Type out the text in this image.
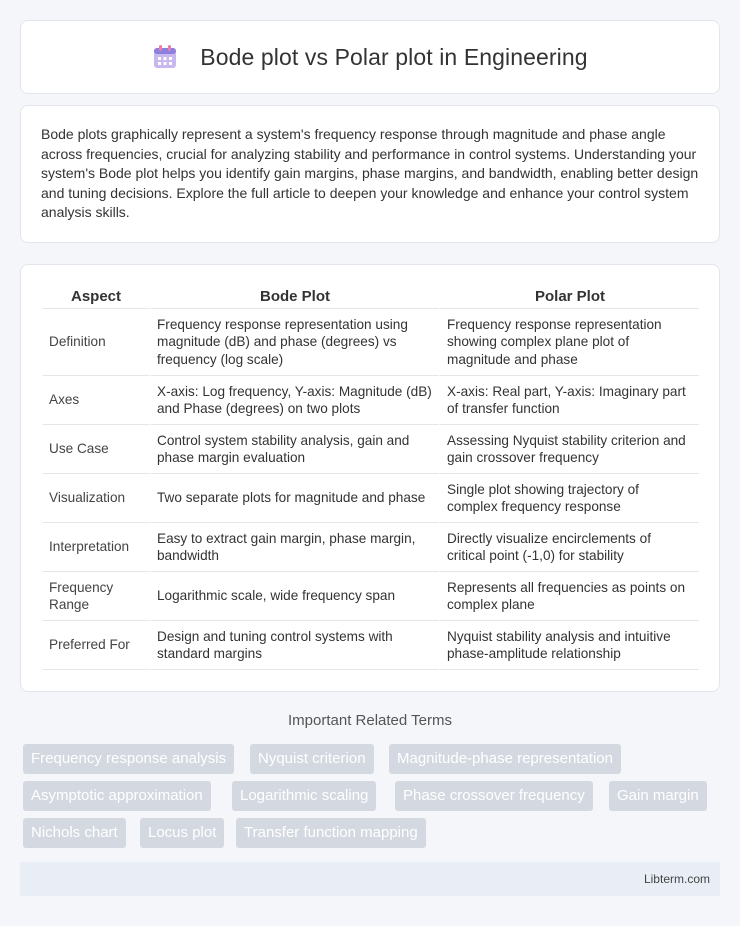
Bode plot vs Polar plot in Engineering

Bode plots graphically represent a system's frequency response through magnitude and phase angle across frequencies, crucial for analyzing stability and performance in control systems. Understanding your system's Bode plot helps you identify gain margins, phase margins, and bandwidth, enabling better design and tuning decisions. Explore the full article to deepen your knowledge and enhance your control system analysis skills.

Aspect	Bode Plot	Polar Plot
Definition	Frequency response representation using magnitude (dB) and phase (degrees) vs frequency (log scale)	Frequency response representation showing complex plane plot of magnitude and phase
Axes	X-axis: Log frequency, Y-axis: Magnitude (dB) and Phase (degrees) on two plots	X-axis: Real part, Y-axis: Imaginary part of transfer function
Use Case	Control system stability analysis, gain and phase margin evaluation	Assessing Nyquist stability criterion and gain crossover frequency
Visualization	Two separate plots for magnitude and phase	Single plot showing trajectory of complex frequency response
Interpretation	Easy to extract gain margin, phase margin, bandwidth	Directly visualize encirclements of critical point (-1,0) for stability
Frequency Range	Logarithmic scale, wide frequency span	Represents all frequencies as points on complex plane
Preferred For	Design and tuning control systems with standard margins	Nyquist stability analysis and intuitive phase-amplitude relationship
Important Related Terms
Frequency response analysis	Nyquist criterion	Magnitude-phase representation
Asymptotic approximation	Logarithmic scaling	Phase crossover frequency	Gain margin
Nichols chart	Locus plot	Transfer function mapping
Libterm.com
